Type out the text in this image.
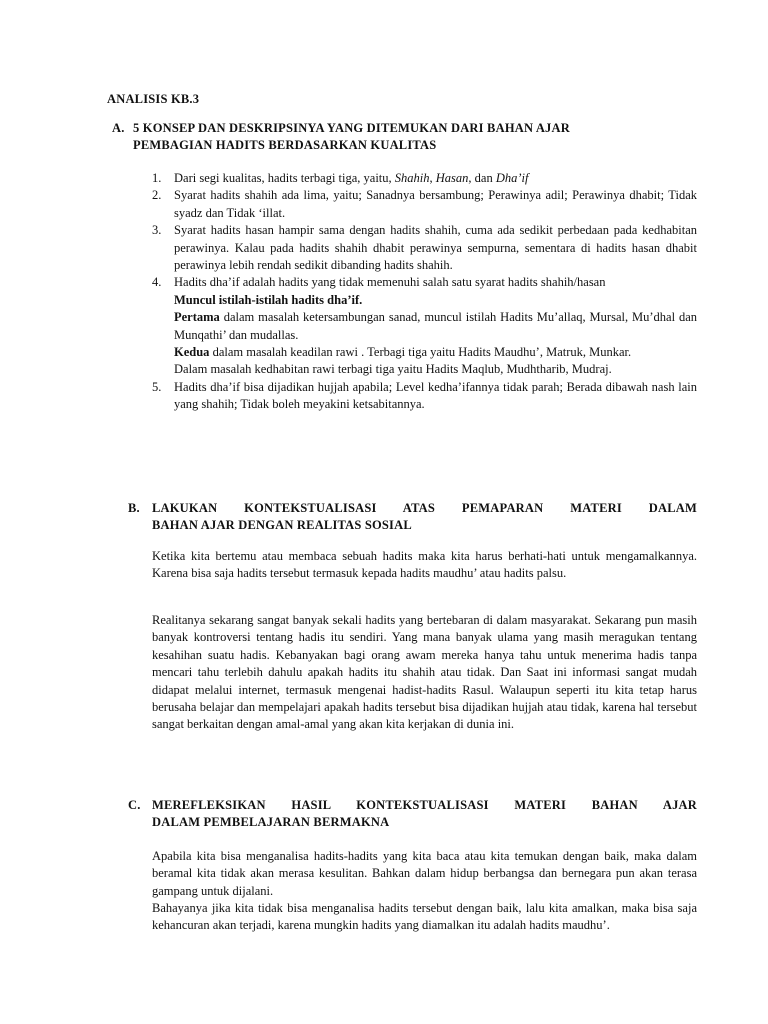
ANALISIS KB.3
A. 5 KONSEP DAN DESKRIPSINYA YANG DITEMUKAN DARI BAHAN AJAR
PEMBAGIAN HADITS BERDASARKAN KUALITAS
1. Dari segi kualitas, hadits terbagi tiga, yaitu, Shahih, Hasan, dan Dha’if
2. Syarat hadits shahih ada lima, yaitu; Sanadnya bersambung; Perawinya adil; Perawinya dhabit; Tidak syadz dan Tidak ‘illat.
3. Syarat hadits hasan hampir sama dengan hadits shahih, cuma ada sedikit perbedaan pada kedhabitan perawinya. Kalau pada hadits shahih dhabit perawinya sempurna, sementara di hadits hasan dhabit perawinya lebih rendah sedikit dibanding hadits shahih.
4. Hadits dha’if adalah hadits yang tidak memenuhi salah satu syarat hadits shahih/hasan
Muncul istilah-istilah hadits dha’if.
Pertama dalam masalah ketersambungan sanad, muncul istilah Hadits Mu’allaq, Mursal, Mu’dhal dan Munqathi’ dan mudallas.
Kedua dalam masalah keadilan rawi . Terbagi tiga yaitu Hadits Maudhu’, Matruk, Munkar.
Dalam masalah kedhabitan rawi terbagi tiga yaitu Hadits Maqlub, Mudhtharib, Mudraj.
5. Hadits dha’if bisa dijadikan hujjah apabila; Level kedha’ifannya tidak parah; Berada dibawah nash lain yang shahih; Tidak boleh meyakini ketsabitannya.
B. LAKUKAN KONTEKSTUALISASI ATAS PEMAPARAN MATERI DALAM
BAHAN AJAR DENGAN REALITAS SOSIAL

Ketika kita bertemu atau membaca sebuah hadits maka kita harus berhati-hati untuk mengamalkannya. Karena bisa saja hadits tersebut termasuk kepada hadits maudhu’ atau hadits palsu.

Realitanya sekarang sangat banyak sekali hadits yang bertebaran di dalam masyarakat. Sekarang pun masih banyak kontroversi tentang hadis itu sendiri. Yang mana banyak ulama yang masih meragukan tentang kesahihan suatu hadis. Kebanyakan bagi orang awam mereka hanya tahu untuk menerima hadis tanpa mencari tahu terlebih dahulu apakah hadits itu shahih atau tidak. Dan Saat ini informasi sangat mudah didapat melalui internet, termasuk mengenai hadist-hadits Rasul. Walaupun seperti itu kita tetap harus berusaha belajar dan mempelajari apakah hadits tersebut bisa dijadikan hujjah atau tidak, karena hal tersebut sangat berkaitan dengan amal-amal yang akan kita kerjakan di dunia ini.

C. MEREFLEKSIKAN HASIL KONTEKSTUALISASI MATERI BAHAN AJAR
DALAM PEMBELAJARAN BERMAKNA

Apabila kita bisa menganalisa hadits-hadits yang kita baca atau kita temukan dengan baik, maka dalam beramal kita tidak akan merasa kesulitan. Bahkan dalam hidup berbangsa dan bernegara pun akan terasa gampang untuk dijalani.

Bahayanya jika kita tidak bisa menganalisa hadits tersebut dengan baik, lalu kita amalkan, maka bisa saja kehancuran akan terjadi, karena mungkin hadits yang diamalkan itu adalah hadits maudhu’.
